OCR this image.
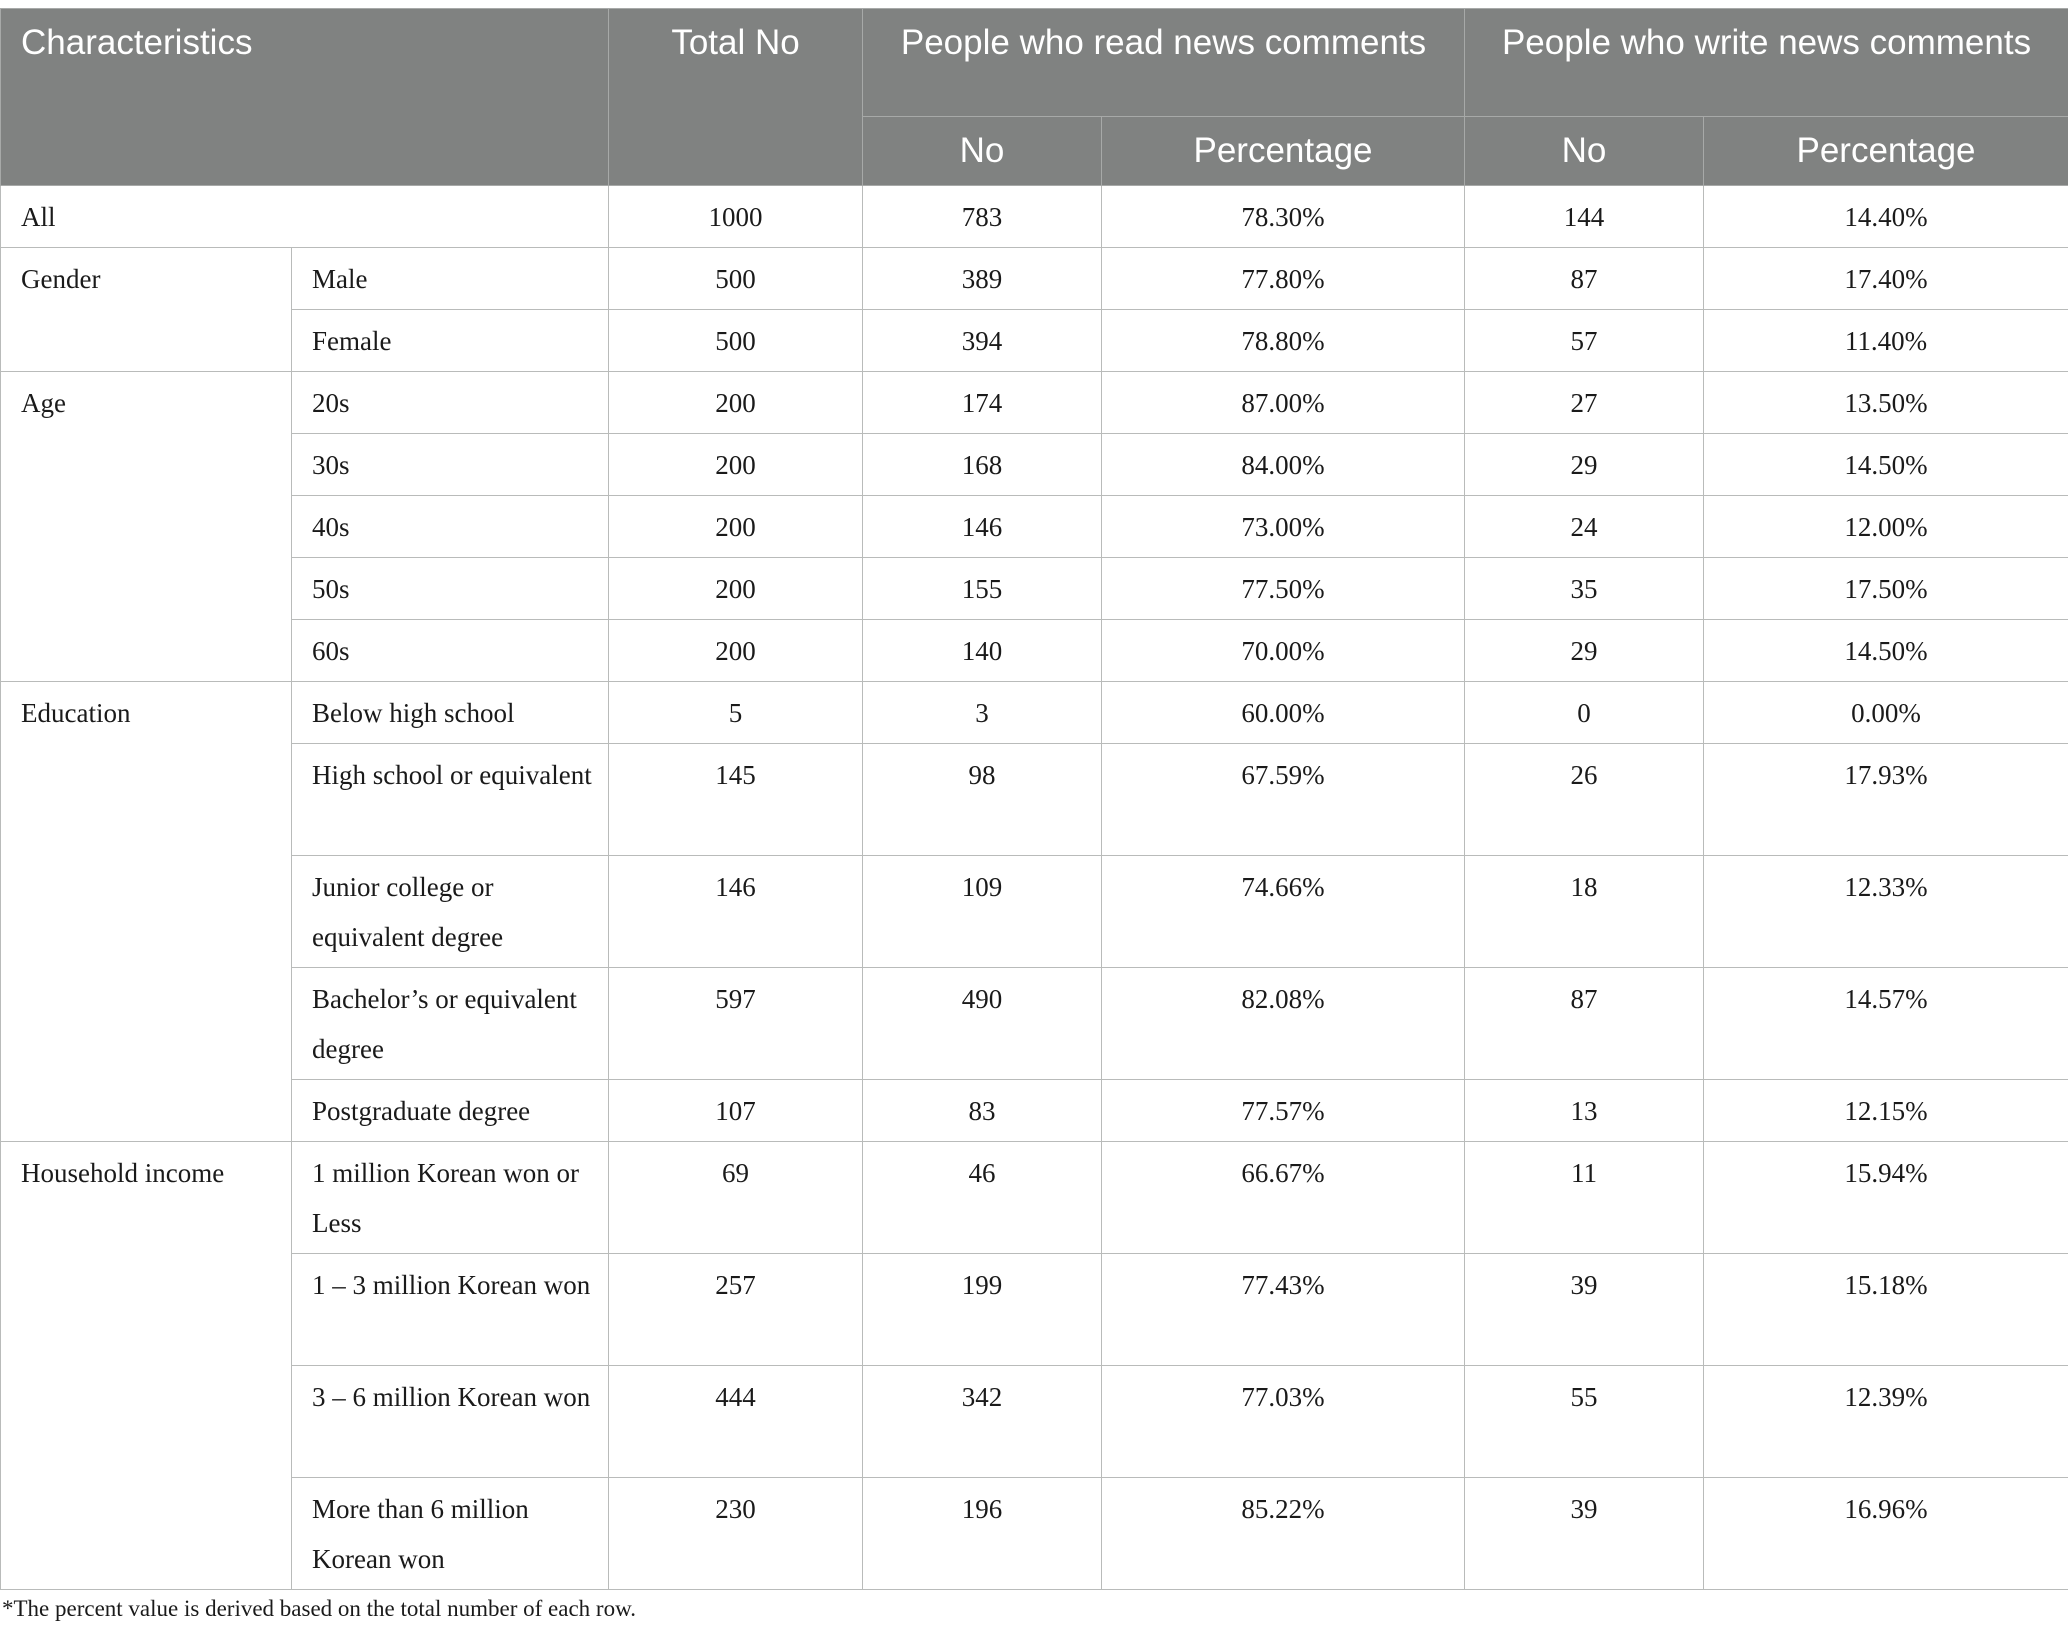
Characteristics		Total No	People who read news comments		People who write news comments	
			No	Percentage	No	Percentage
All		1000	783	78.30%	144	14.40%
Gender	Male	500	389	77.80%	87	17.40%
	Female	500	394	78.80%	57	11.40%
Age	20s	200	174	87.00%	27	13.50%
	30s	200	168	84.00%	29	14.50%
	40s	200	146	73.00%	24	12.00%
	50s	200	155	77.50%	35	17.50%
	60s	200	140	70.00%	29	14.50%
Education	Below high school	5	3	60.00%	0	0.00%
	High school or equivalent	145	98	67.59%	26	17.93%
	Junior college or equivalent degree	146	109	74.66%	18	12.33%
	Bachelor’s or equivalent degree	597	490	82.08%	87	14.57%
	Postgraduate degree	107	83	77.57%	13	12.15%
Household income	1 million Korean won or Less	69	46	66.67%	11	15.94%
	1 – 3 million Korean won	257	199	77.43%	39	15.18%
	3 – 6 million Korean won	444	342	77.03%	55	12.39%
	More than 6 million Korean won	230	196	85.22%	39	16.96%
*The percent value is derived based on the total number of each row.
